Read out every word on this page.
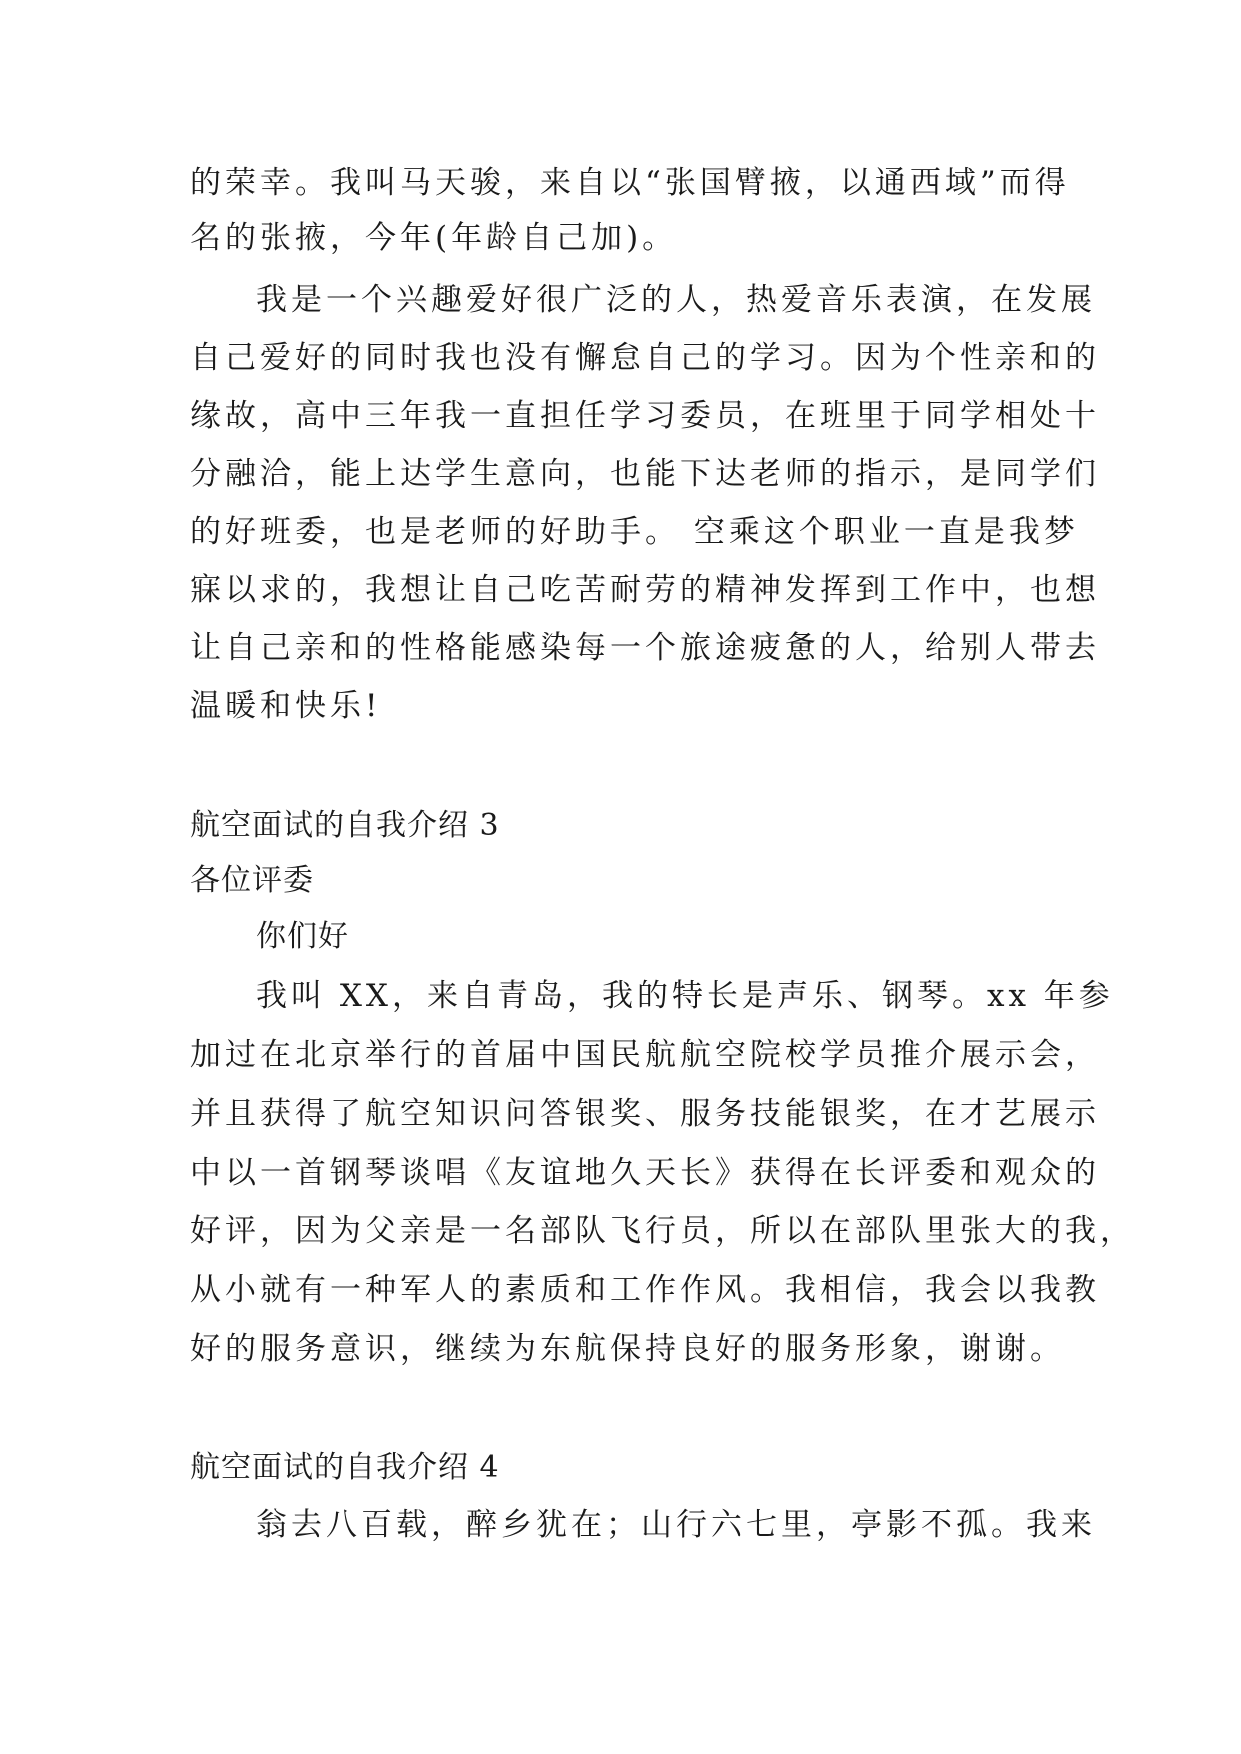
的荣幸。我叫马天骏，来自以“张国臂掖，以通西域”而得
名的张掖，今年(年龄自己加)。
我是一个兴趣爱好很广泛的人，热爱音乐表演，在发展
自己爱好的同时我也没有懈怠自己的学习。因为个性亲和的
缘故，高中三年我一直担任学习委员，在班里于同学相处十
分融洽，能上达学生意向，也能下达老师的指示，是同学们
的好班委，也是老师的好助手。 空乘这个职业一直是我梦
寐以求的，我想让自己吃苦耐劳的精神发挥到工作中，也想
让自己亲和的性格能感染每一个旅途疲惫的人，给别人带去
温暖和快乐!
航空面试的自我介绍 3
各位评委
你们好
我叫 XX，来自青岛，我的特长是声乐、钢琴。xx 年参
加过在北京举行的首届中国民航航空院校学员推介展示会，
并且获得了航空知识问答银奖、服务技能银奖，在才艺展示
中以一首钢琴谈唱《友谊地久天长》获得在长评委和观众的
好评，因为父亲是一名部队飞行员，所以在部队里张大的我，
从小就有一种军人的素质和工作作风。我相信，我会以我教
好的服务意识，继续为东航保持良好的服务形象，谢谢。
航空面试的自我介绍 4
翁去八百载，醉乡犹在；山行六七里，亭影不孤。我来
